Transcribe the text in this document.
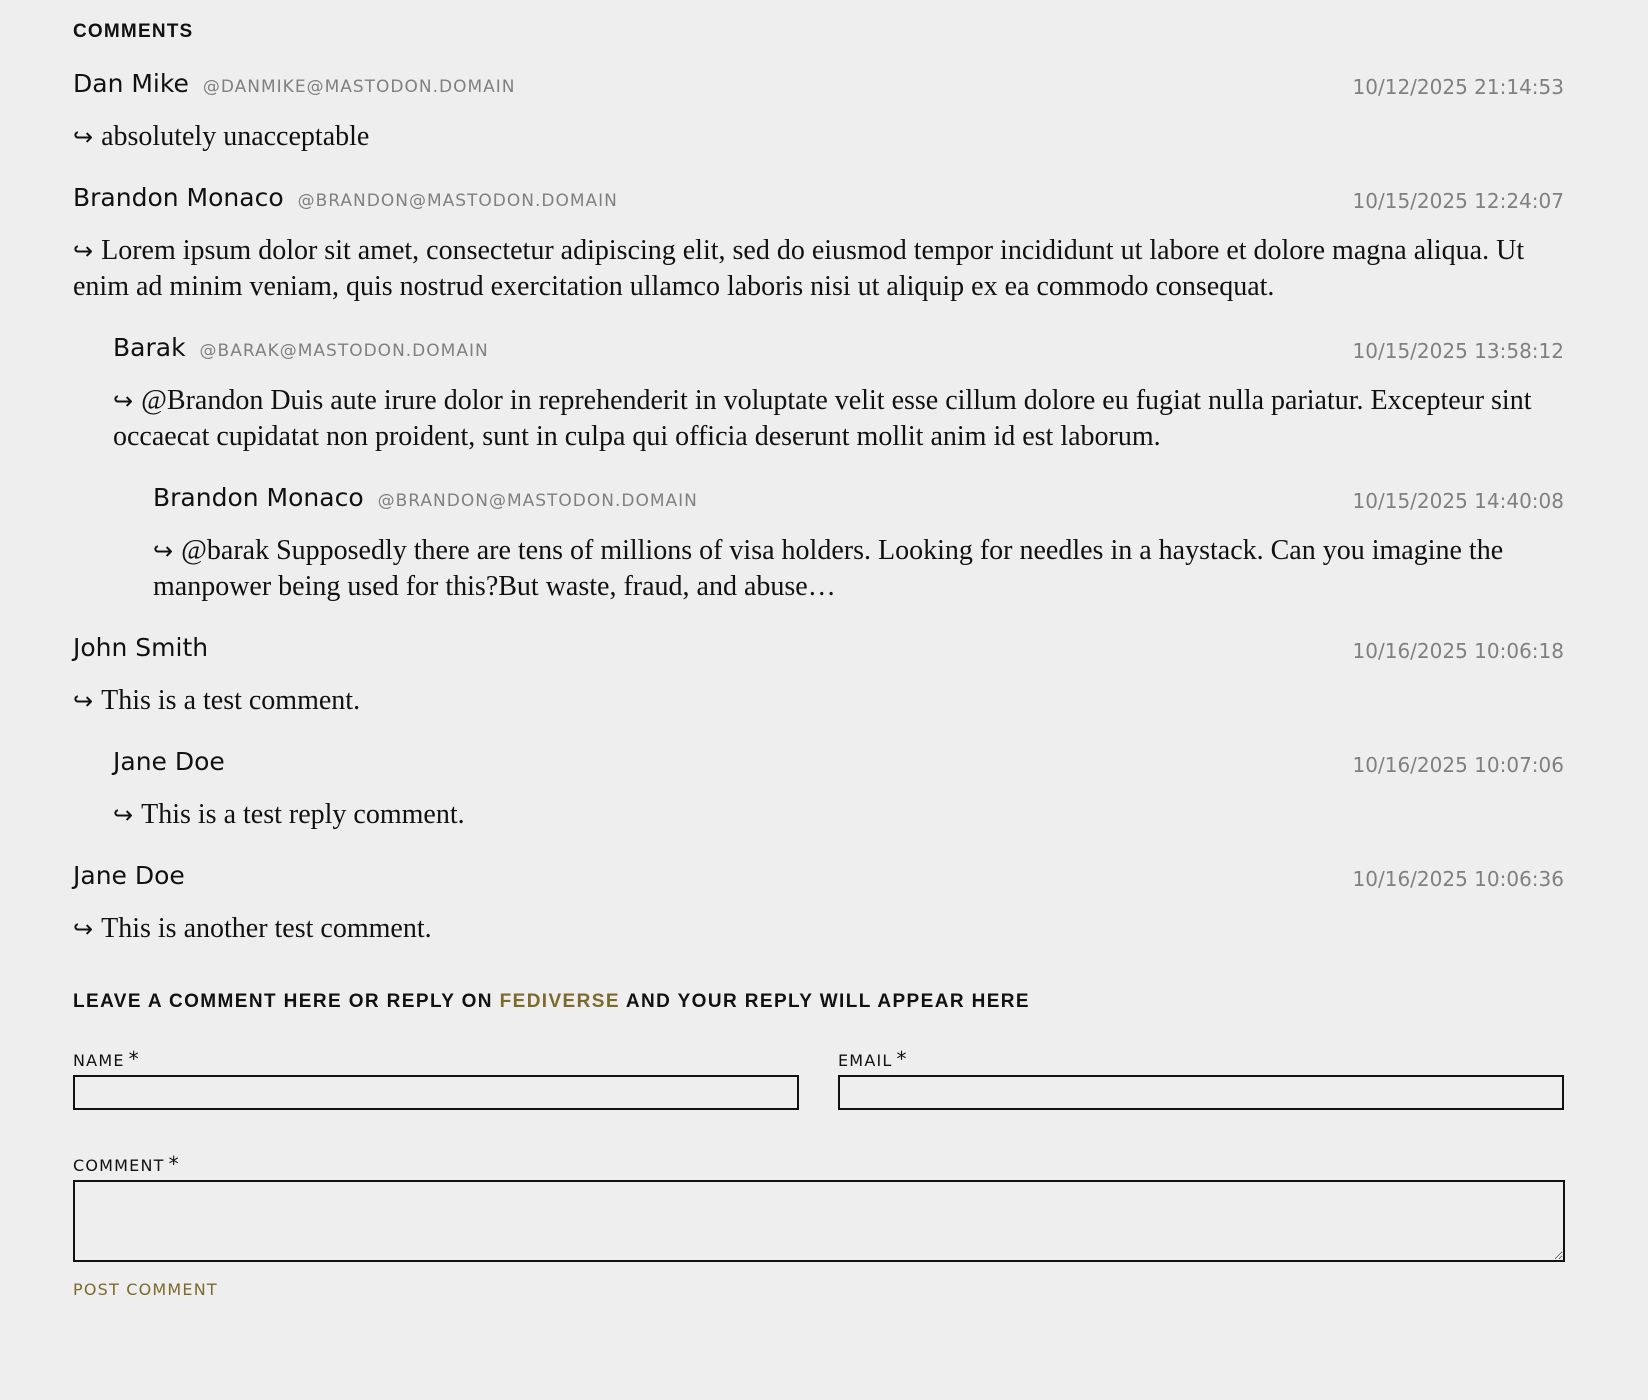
COMMENTS
Dan Mike @DANMIKE@MASTODON.DOMAIN	10/12/2025 21:14:53
↪ absolutely unacceptable
Brandon Monaco @BRANDON@MASTODON.DOMAIN	10/15/2025 12:24:07
↪ Lorem ipsum dolor sit amet, consectetur adipiscing elit, sed do eiusmod tempor incididunt ut labore et dolore magna aliqua. Ut enim ad minim veniam, quis nostrud exercitation ullamco laboris nisi ut aliquip ex ea commodo consequat.
Barak @BARAK@MASTODON.DOMAIN	10/15/2025 13:58:12
↪ @Brandon Duis aute irure dolor in reprehenderit in voluptate velit esse cillum dolore eu fugiat nulla pariatur. Excepteur sint occaecat cupidatat non proident, sunt in culpa qui officia deserunt mollit anim id est laborum.
Brandon Monaco @BRANDON@MASTODON.DOMAIN	10/15/2025 14:40:08
↪ @barak Supposedly there are tens of millions of visa holders. Looking for needles in a haystack. Can you imagine the manpower being used for this?But waste, fraud, and abuse…
John Smith	10/16/2025 10:06:18
↪ This is a test comment.
Jane Doe	10/16/2025 10:07:06
↪ This is a test reply comment.
Jane Doe	10/16/2025 10:06:36
↪ This is another test comment.
LEAVE A COMMENT HERE OR REPLY ON FEDIVERSE AND YOUR REPLY WILL APPEAR HERE
NAME *	EMAIL *
COMMENT *
POST COMMENT
